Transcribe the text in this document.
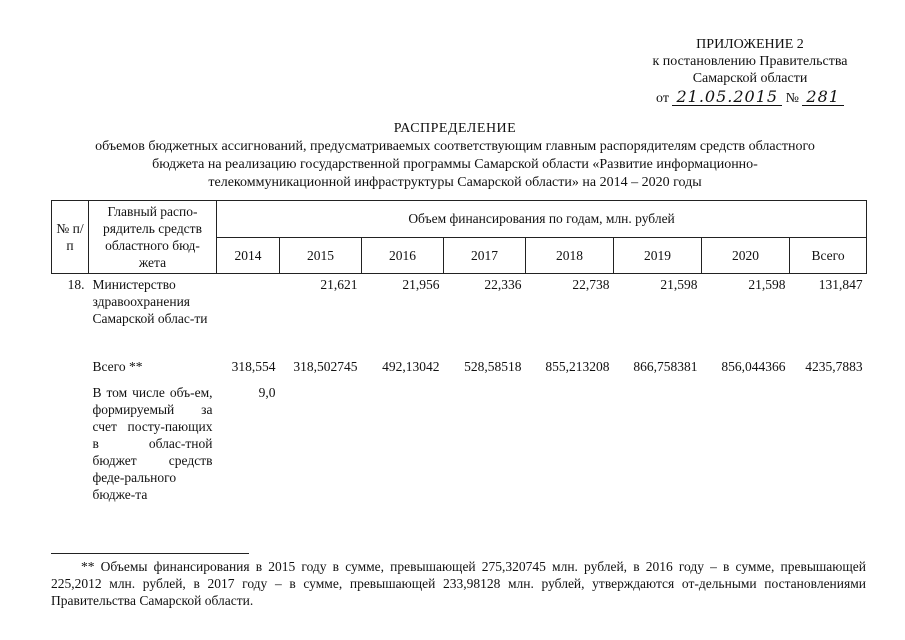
ПРИЛОЖЕНИЕ 2
к постановлению Правительства
Самарской области
от 21.05.2015 № 281
РАСПРЕДЕЛЕНИЕ
объемов бюджетных ассигнований, предусматриваемых соответствующим главным распорядителям средств областного
бюджета на реализацию государственной программы Самарской области «Развитие информационно-
телекоммуникационной инфраструктуры Самарской области» на 2014 – 2020 годы
№ п/п	Главный распо-рядитель средств областного бюд-жета	Объем финансирования по годам, млн. рублей							
		2014	2015	2016	2017	2018	2019	2020	Всего
18.	Министерство здравоохранения Самарской облас-ти		21,621	21,956	22,336	22,738	21,598	21,598	131,847
	Всего **	318,554	318,502745	492,13042	528,58518	855,213208	866,758381	856,044366	4235,7883
	В том числе объ-ем, формируемый за счет посту-пающих в облас-тной бюджет средств феде-рального бюдже-та	9,0							
** Объемы финансирования в 2015 году в сумме, превышающей 275,320745 млн. рублей, в 2016 году – в сумме, превышающей 225,2012 млн. рублей, в 2017 году – в сумме, превышающей 233,98128 млн. рублей, утверждаются от-дельными постановлениями Правительства Самарской области.
